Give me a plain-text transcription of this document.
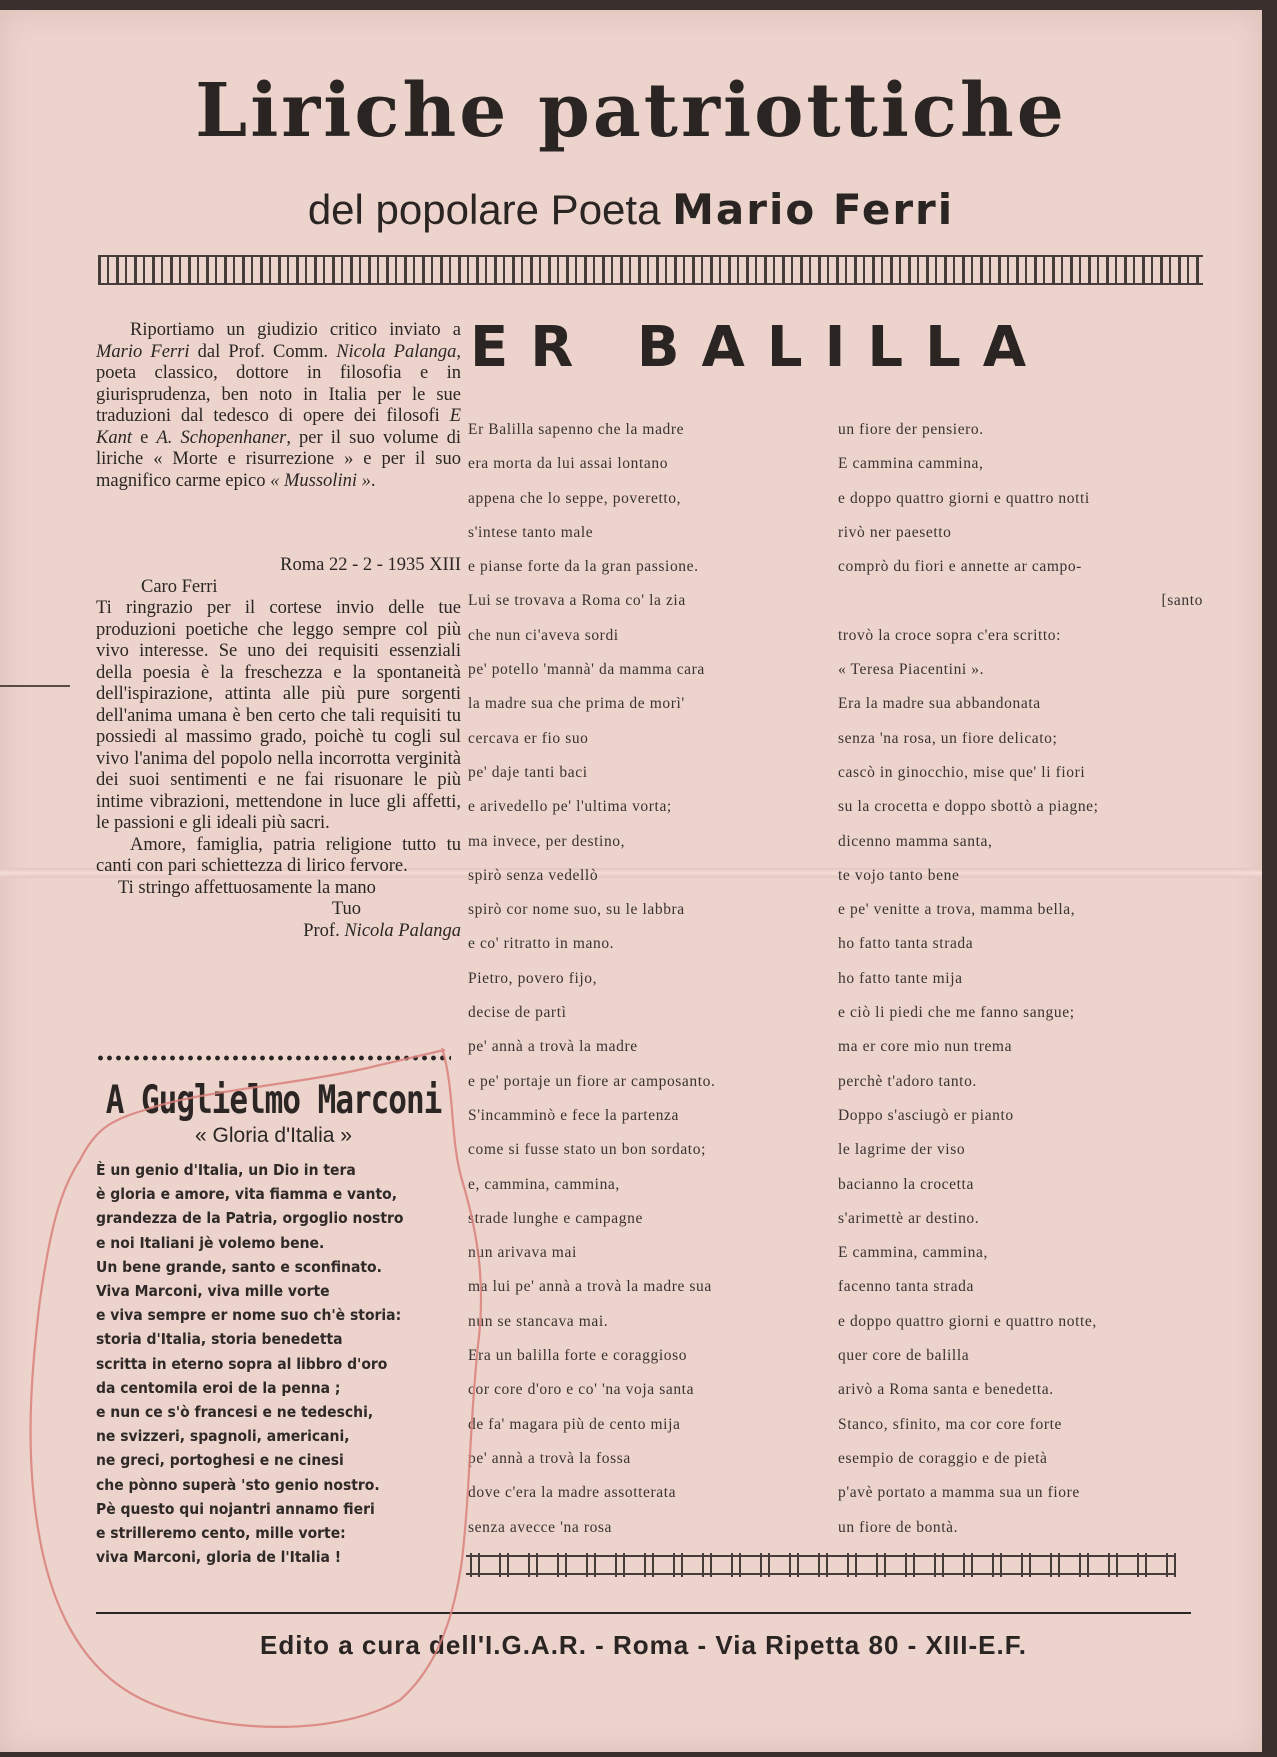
Liriche patriottiche
del popolare Poeta Mario Ferri

Riportiamo un giudizio critico inviato a Mario Ferri dal Prof. Comm. Nicola Palanga, poeta classico, dottore in filosofia e in giurisprudenza, ben noto in Italia per le sue traduzioni dal tedesco di opere dei filosofi E Kant e A. Schopenhaner, per il suo volume di liriche « Morte e risurrezione » e per il suo magnifico carme epico « Mussolini ».

Roma 22 - 2 - 1935 XIII
Caro Ferri

Ti ringrazio per il cortese invio delle tue produzioni poetiche che leggo sempre col più vivo interesse. Se uno dei requisiti essenziali della poesia è la freschezza e la spontaneità dell'ispirazione, attinta alle più pure sorgenti dell'anima umana è ben certo che tali requisiti tu possiedi al massimo grado, poichè tu cogli sul vivo l'anima del popolo nella incorrotta verginità dei suoi sentimenti e ne fai risuonare le più intime vibrazioni, mettendone in luce gli affetti, le passioni e gli ideali più sacri.

Amore, famiglia, patria religione tutto tu canti con pari schiettezza di lirico fervore.

Ti stringo affettuosamente la mano
Tuo
Prof. Nicola Palanga
A Guglielmo Marconi
« Gloria d'Italia »
È un genio d'Italia, un Dio in tera
è gloria e amore, vita fiamma e vanto,
grandezza de la Patria, orgoglio nostro
e noi Italiani jè volemo bene.
Un bene grande, santo e sconfinato.
Viva Marconi, viva mille vorte
e viva sempre er nome suo ch'è storia:
storia d'Italia, storia benedetta
scritta in eterno sopra al libbro d'oro
da centomila eroi de la penna ;
e nun ce s'ò francesi e ne tedeschi,
ne svizzeri, spagnoli, americani,
ne greci, portoghesi e ne cinesi
che pònno superà 'sto genio nostro.
Pè questo qui nojantri annamo fieri
e strilleremo cento, mille vorte:
viva Marconi, gloria de l'Italia !
ER BALILLA
Er Balilla sapenno che la madre
era morta da lui assai lontano
appena che lo seppe, poveretto,
s'intese tanto male
e pianse forte da la gran passione.
Lui se trovava a Roma co' la zia
che nun ci'aveva sordi
pe' potello 'mannà' da mamma cara
la madre sua che prima de morì'
cercava er fio suo
pe' daje tanti baci
e arivedello pe' l'ultima vorta;
ma invece, per destino,
spirò senza vedellò
spirò cor nome suo, su le labbra
e co' ritratto in mano.
Pietro, povero fijo,
decise de partì
pe' annà a trovà la madre
e pe' portaje un fiore ar camposanto.
S'incamminò e fece la partenza
come si fusse stato un bon sordato;
e, cammina, cammina,
strade lunghe e campagne
nun arivava mai
ma lui pe' annà a trovà la madre sua
nun se stancava mai.
Era un balilla forte e coraggioso
cor core d'oro e co' 'na voja santa
de fa' magara più de cento mija
pe' annà a trovà la fossa
dove c'era la madre assotterata
senza avecce 'na rosa
un fiore der pensiero.
E cammina cammina,
e doppo quattro giorni e quattro notti
rivò ner paesetto
comprò du fiori e annette ar campo-
[santo
trovò la croce sopra c'era scritto:
« Teresa Piacentini ».
Era la madre sua abbandonata
senza 'na rosa, un fiore delicato;
cascò in ginocchio, mise que' li fiori
su la crocetta e doppo sbottò a piagne;
dicenno mamma santa,
te vojo tanto bene
e pe' venitte a trova, mamma bella,
ho fatto tanta strada
ho fatto tante mija
e ciò li piedi che me fanno sangue;
ma er core mio nun trema
perchè t'adoro tanto.
Doppo s'asciugò er pianto
le lagrime der viso
baciannо la crocetta
s'arimettè ar destino.
E cammina, cammina,
facenno tanta strada
e doppo quattro giorni e quattro notte,
quer core de balilla
arivò a Roma santa e benedetta.
Stanco, sfinito, ma cor core forte
esempio de coraggio e de pietà
p'avè portato a mamma sua un fiore
un fiore de bontà.
Edito a cura dell'I.G.A.R. - Roma - Via Ripetta 80 - XIII-E.F.
